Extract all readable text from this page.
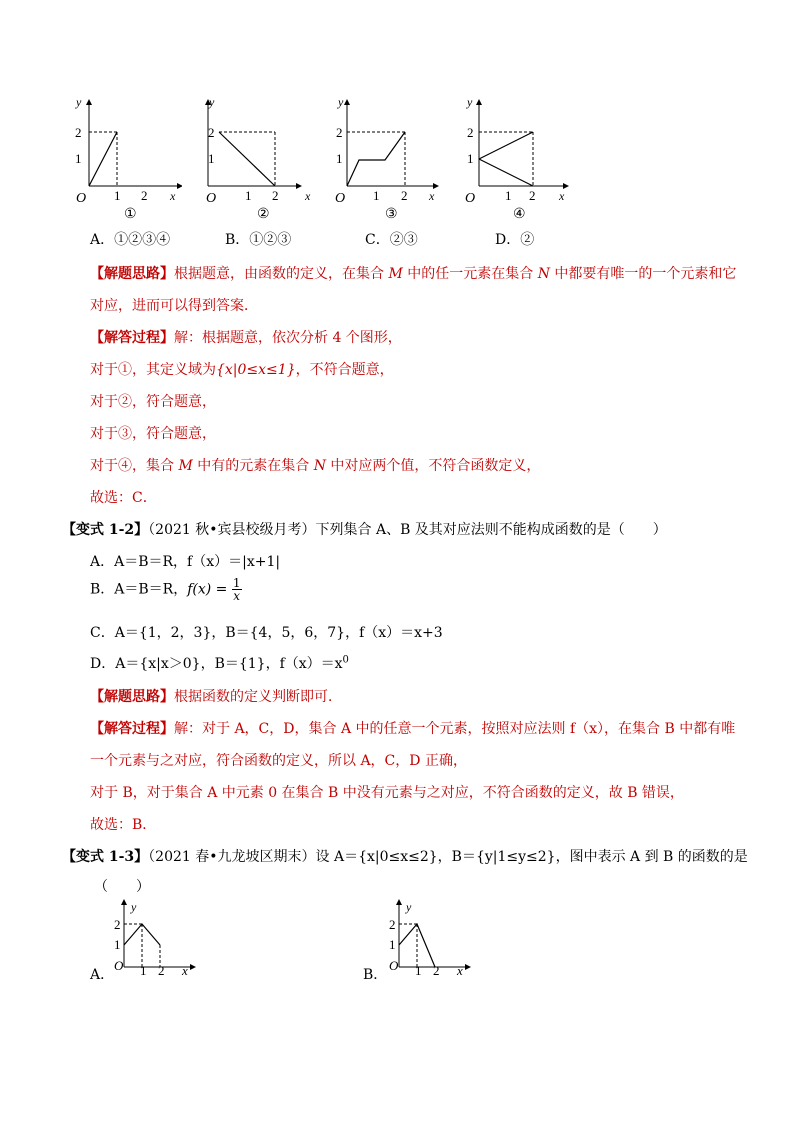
y
x
O
2
1
1 2
①
y
x
O
2
1
1 2
②
y
x
O
2
1
1 2
③
y
x
O
2
1
1 2
④
A．①②③④	B．①②③	C．②③	D．②
【解题思路】根据题意，由函数的定义，在集合 M 中的任一元素在集合 N 中都要有唯一的一个元素和它
对应，进而可以得到答案．
【解答过程】解：根据题意，依次分析 4 个图形，
对于①，其定义域为{x|0≤x≤1}，不符合题意，
对于②，符合题意，
对于③，符合题意，
对于④，集合 M 中有的元素在集合 N 中对应两个值，不符合函数定义，
故选：C．
【变式 1-2】（2021 秋•宾县校级月考）下列集合 A、B 及其对应法则不能构成函数的是（　　）
A．A＝B＝R，f（x）＝|x+1|
B．A＝B＝R，$f(x) = \frac{1}{x}$
C．A＝{1，2，3}，B＝{4，5，6，7}，f（x）＝x+3
D．A＝{x|x＞0}，B＝{1}，$f(x)=x^0$
【解题思路】根据函数的定义判断即可．
【解答过程】解：对于 A，C，D，集合 A 中的任意一个元素，按照对应法则 f（x），在集合 B 中都有唯
一个元素与之对应，符合函数的定义，所以 A，C，D 正确，
对于 B，对于集合 A 中元素 0 在集合 B 中没有元素与之对应，不符合函数的定义，故 B 错误，
故选：B．
【变式 1-3】（2021 春•九龙坡区期末）设 A＝{x|0≤x≤2}，B＝{y|1≤y≤2}，图中表示 A 到 B 的函数的是
（　　）
y
x
O
2
1
1 2
A．
y
x
O
2
1
1 2
B．
